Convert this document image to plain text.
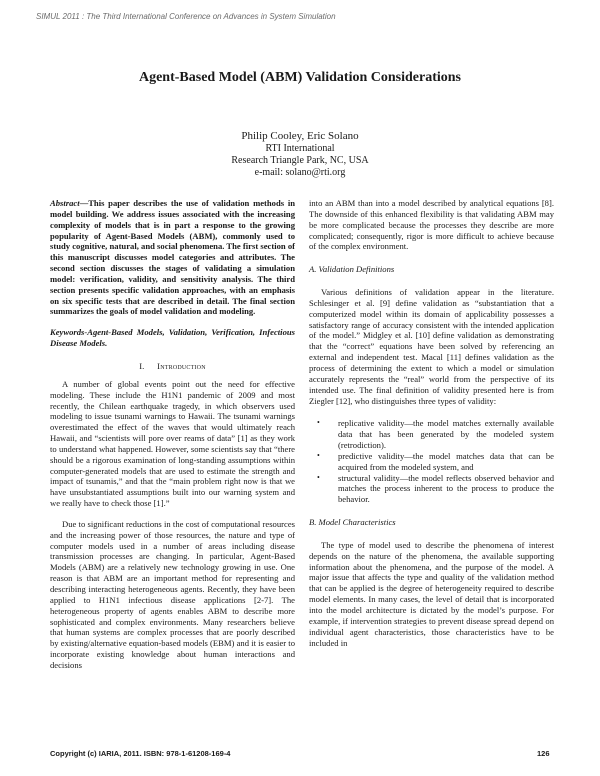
SIMUL 2011 : The Third International Conference on Advances in System Simulation
Agent-Based Model (ABM) Validation Considerations
Philip Cooley, Eric Solano
RTI International
Research Triangle Park, NC, USA
e-mail: solano@rti.org

Abstract—This paper describes the use of validation methods in model building. We address issues associated with the increasing complexity of models that is in part a response to the growing popularity of Agent-Based Models (ABM), commonly used to study cognitive, natural, and social phenomena. The first section of this manuscript discusses model categories and attributes. The second section discusses the stages of validating a simulation model: verification, validity, and sensitivity analysis. The third section presents specific validation approaches, with an emphasis on six specific tests that are described in detail. The final section summarizes the goals of model validation and modeling.

Keywords-Agent-Based Models, Validation, Verification, Infectious Disease Models.

I. Introduction

A number of global events point out the need for effective modeling. These include the H1N1 pandemic of 2009 and most recently, the Chilean earthquake tragedy, in which observers used modeling to issue tsunami warnings to Hawaii. The tsunami warnings overestimated the effect of the waves that would ultimately reach Hawaii, and “scientists will pore over reams of data” [1] as they work to understand what happened. However, some scientists say that “there should be a rigorous examination of long-standing assumptions within computer-generated models that are used to estimate the strength and impact of tsunamis,” and that the “main problem right now is that we have unsubstantiated assumptions built into our warning system and we really have to check those [1].”

Due to significant reductions in the cost of computational resources and the increasing power of those resources, the nature and type of computer models used in a number of areas including disease transmission processes are changing. In particular, Agent-Based Models (ABM) are a relatively new technology growing in use. One reason is that ABM are an important method for representing and describing interacting heterogeneous agents. Recently, they have been applied to H1N1 infectious disease applications [2-7]. The heterogeneous property of agents enables ABM to describe more sophisticated and complex environments. Many researchers believe that human systems are complex processes that are poorly described by existing/alternative equation-based models (EBM) and it is easier to incorporate existing knowledge about human interactions and decisions

into an ABM than into a model described by analytical equations [8]. The downside of this enhanced flexibility is that validating ABM may be more complicated because the processes they describe are more complicated; consequently, rigor is more difficult to achieve because of the complex environment.

A. Validation Definitions

Various definitions of validation appear in the literature. Schlesinger et al. [9] define validation as “substantiation that a computerized model within its domain of applicability possesses a satisfactory range of accuracy consistent with the intended application of the model.” Midgley et al. [10] define validation as demonstrating that the “correct” equations have been solved by referencing an external and independent test. Macal [11] defines validation as the process of determining the extent to which a model or simulation accurately represents the “real” world from the perspective of its intended use. The final definition of validity presented here is from Ziegler [12], who distinguishes three types of validity:

• replicative validity—the model matches externally available data that has been generated by the modeled system (retrodiction).
• predictive validity—the model matches data that can be acquired from the modeled system, and
• structural validity—the model reflects observed behavior and matches the process inherent to the process to produce the behavior.

B. Model Characteristics

The type of model used to describe the phenomena of interest depends on the nature of the phenomena, the available supporting information about the phenomena, and the purpose of the model. A major issue that affects the type and quality of the validation method that can be applied is the degree of heterogeneity required to describe model elements. In many cases, the level of detail that is incorporated into the model architecture is dictated by the model’s purpose. For example, if intervention strategies to prevent disease spread depend on individual agent characteristics, those characteristics have to be included in

Copyright (c) IARIA, 2011. ISBN: 978-1-61208-169-4	126
